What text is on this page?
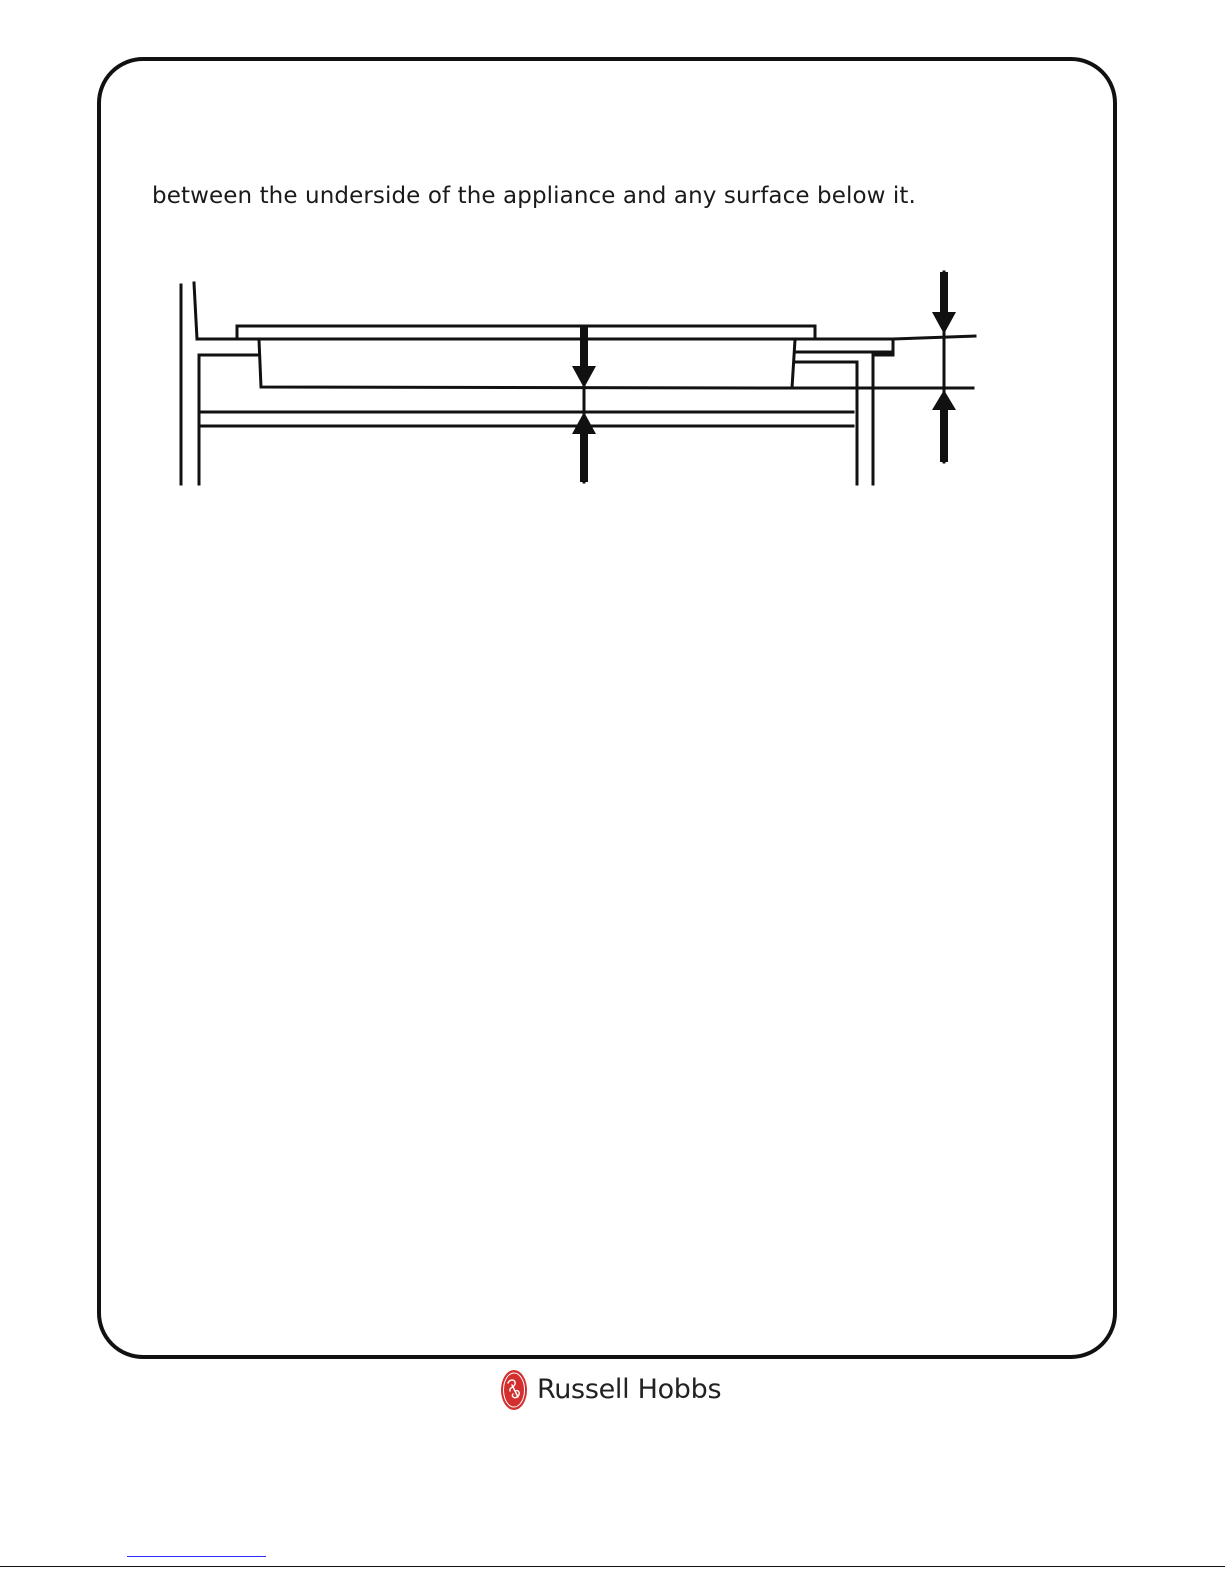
between the underside of the appliance and any surface below it.
Russell Hobbs
